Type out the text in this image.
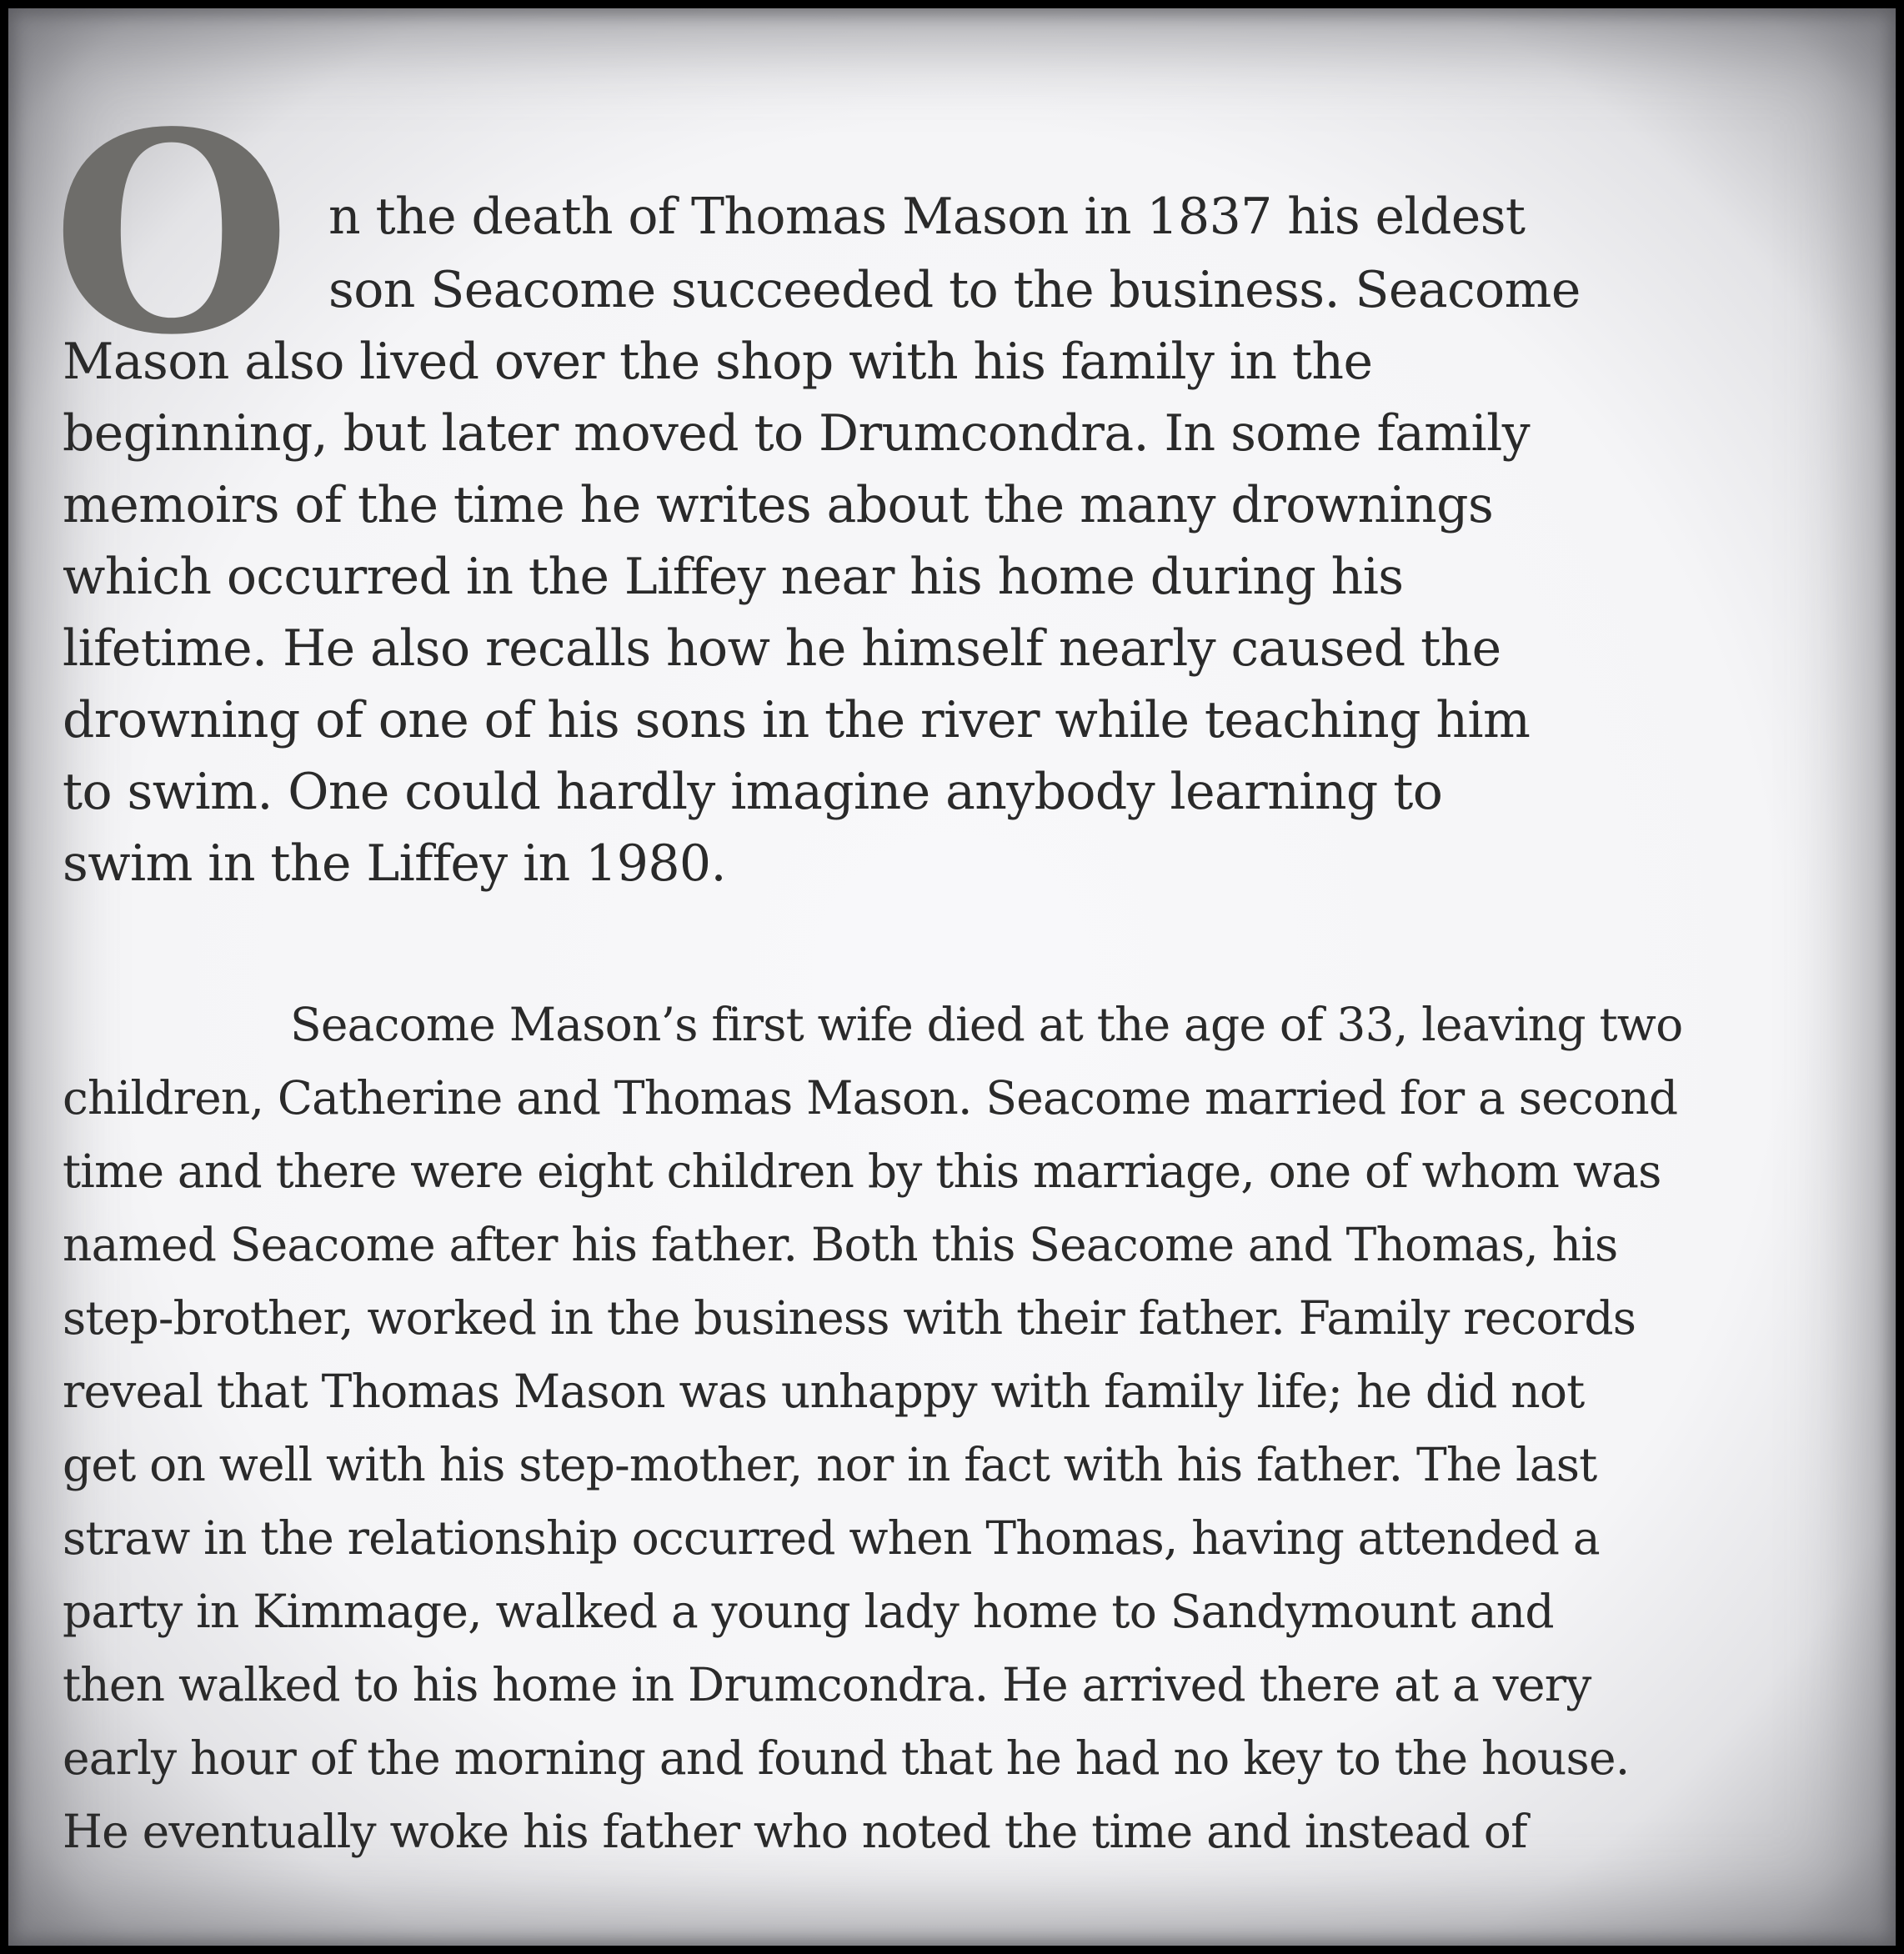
O n the death of Thomas Mason in 1837 his eldest
son Seacome succeeded to the business. Seacome
Mason also lived over the shop with his family in the
beginning, but later moved to Drumcondra. In some family
memoirs of the time he writes about the many drownings
which occurred in the Liffey near his home during his
lifetime. He also recalls how he himself nearly caused the
drowning of one of his sons in the river while teaching him
to swim. One could hardly imagine anybody learning to
swim in the Liffey in 1980.
Seacome Mason’s first wife died at the age of 33, leaving two
children, Catherine and Thomas Mason. Seacome married for a second
time and there were eight children by this marriage, one of whom was
named Seacome after his father. Both this Seacome and Thomas, his
step-brother, worked in the business with their father. Family records
reveal that Thomas Mason was unhappy with family life; he did not
get on well with his step-mother, nor in fact with his father. The last
straw in the relationship occurred when Thomas, having attended a
party in Kimmage, walked a young lady home to Sandymount and
then walked to his home in Drumcondra. He arrived there at a very
early hour of the morning and found that he had no key to the house.
He eventually woke his father who noted the time and instead of
